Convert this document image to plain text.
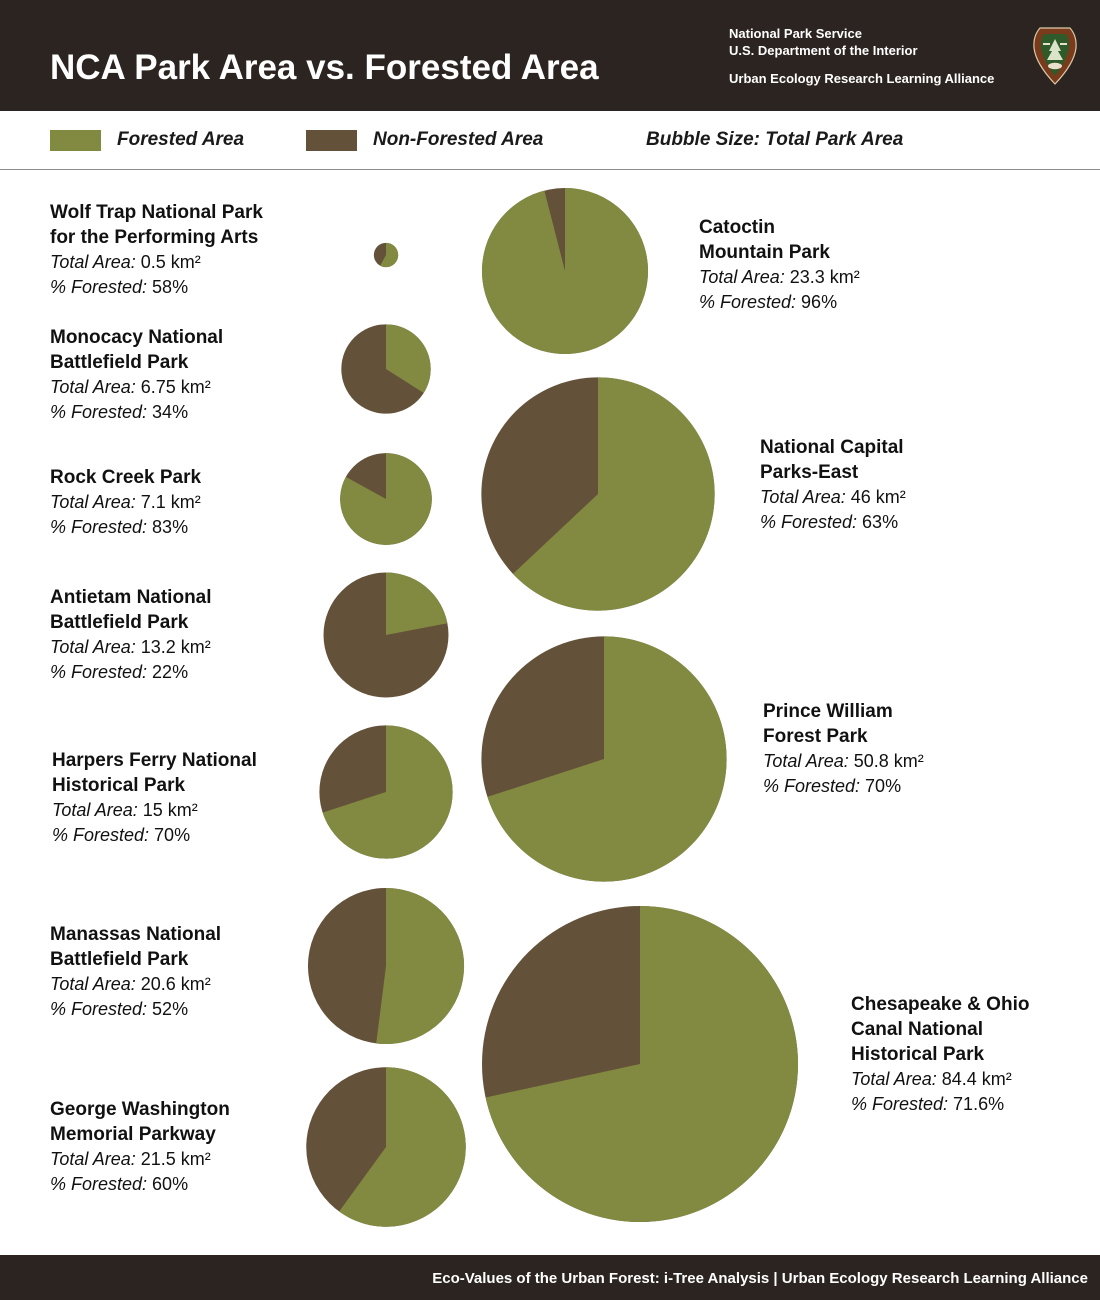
NCA Park Area vs. Forested Area
National Park Service
U.S. Department of the Interior
Urban Ecology Research Learning Alliance
Forested Area	Non-Forested Area	Bubble Size: Total Park Area
Wolf Trap National Park
for the Performing Arts
Total Area: 0.5 km²
% Forested: 58%
Monocacy National
Battlefield Park
Total Area: 6.75 km²
% Forested: 34%
Rock Creek Park
Total Area: 7.1 km²
% Forested: 83%
Antietam National
Battlefield Park
Total Area: 13.2 km²
% Forested: 22%
Harpers Ferry National
Historical Park
Total Area: 15 km²
% Forested: 70%
Manassas National
Battlefield Park
Total Area: 20.6 km²
% Forested: 52%
George Washington
Memorial Parkway
Total Area: 21.5 km²
% Forested: 60%
Catoctin
Mountain Park
Total Area: 23.3 km²
% Forested: 96%
National Capital
Parks-East
Total Area: 46 km²
% Forested: 63%
Prince William
Forest Park
Total Area: 50.8 km²
% Forested: 70%
Chesapeake & Ohio
Canal National
Historical Park
Total Area: 84.4 km²
% Forested: 71.6%
Eco-Values of the Urban Forest: i-Tree Analysis | Urban Ecology Research Learning Alliance
